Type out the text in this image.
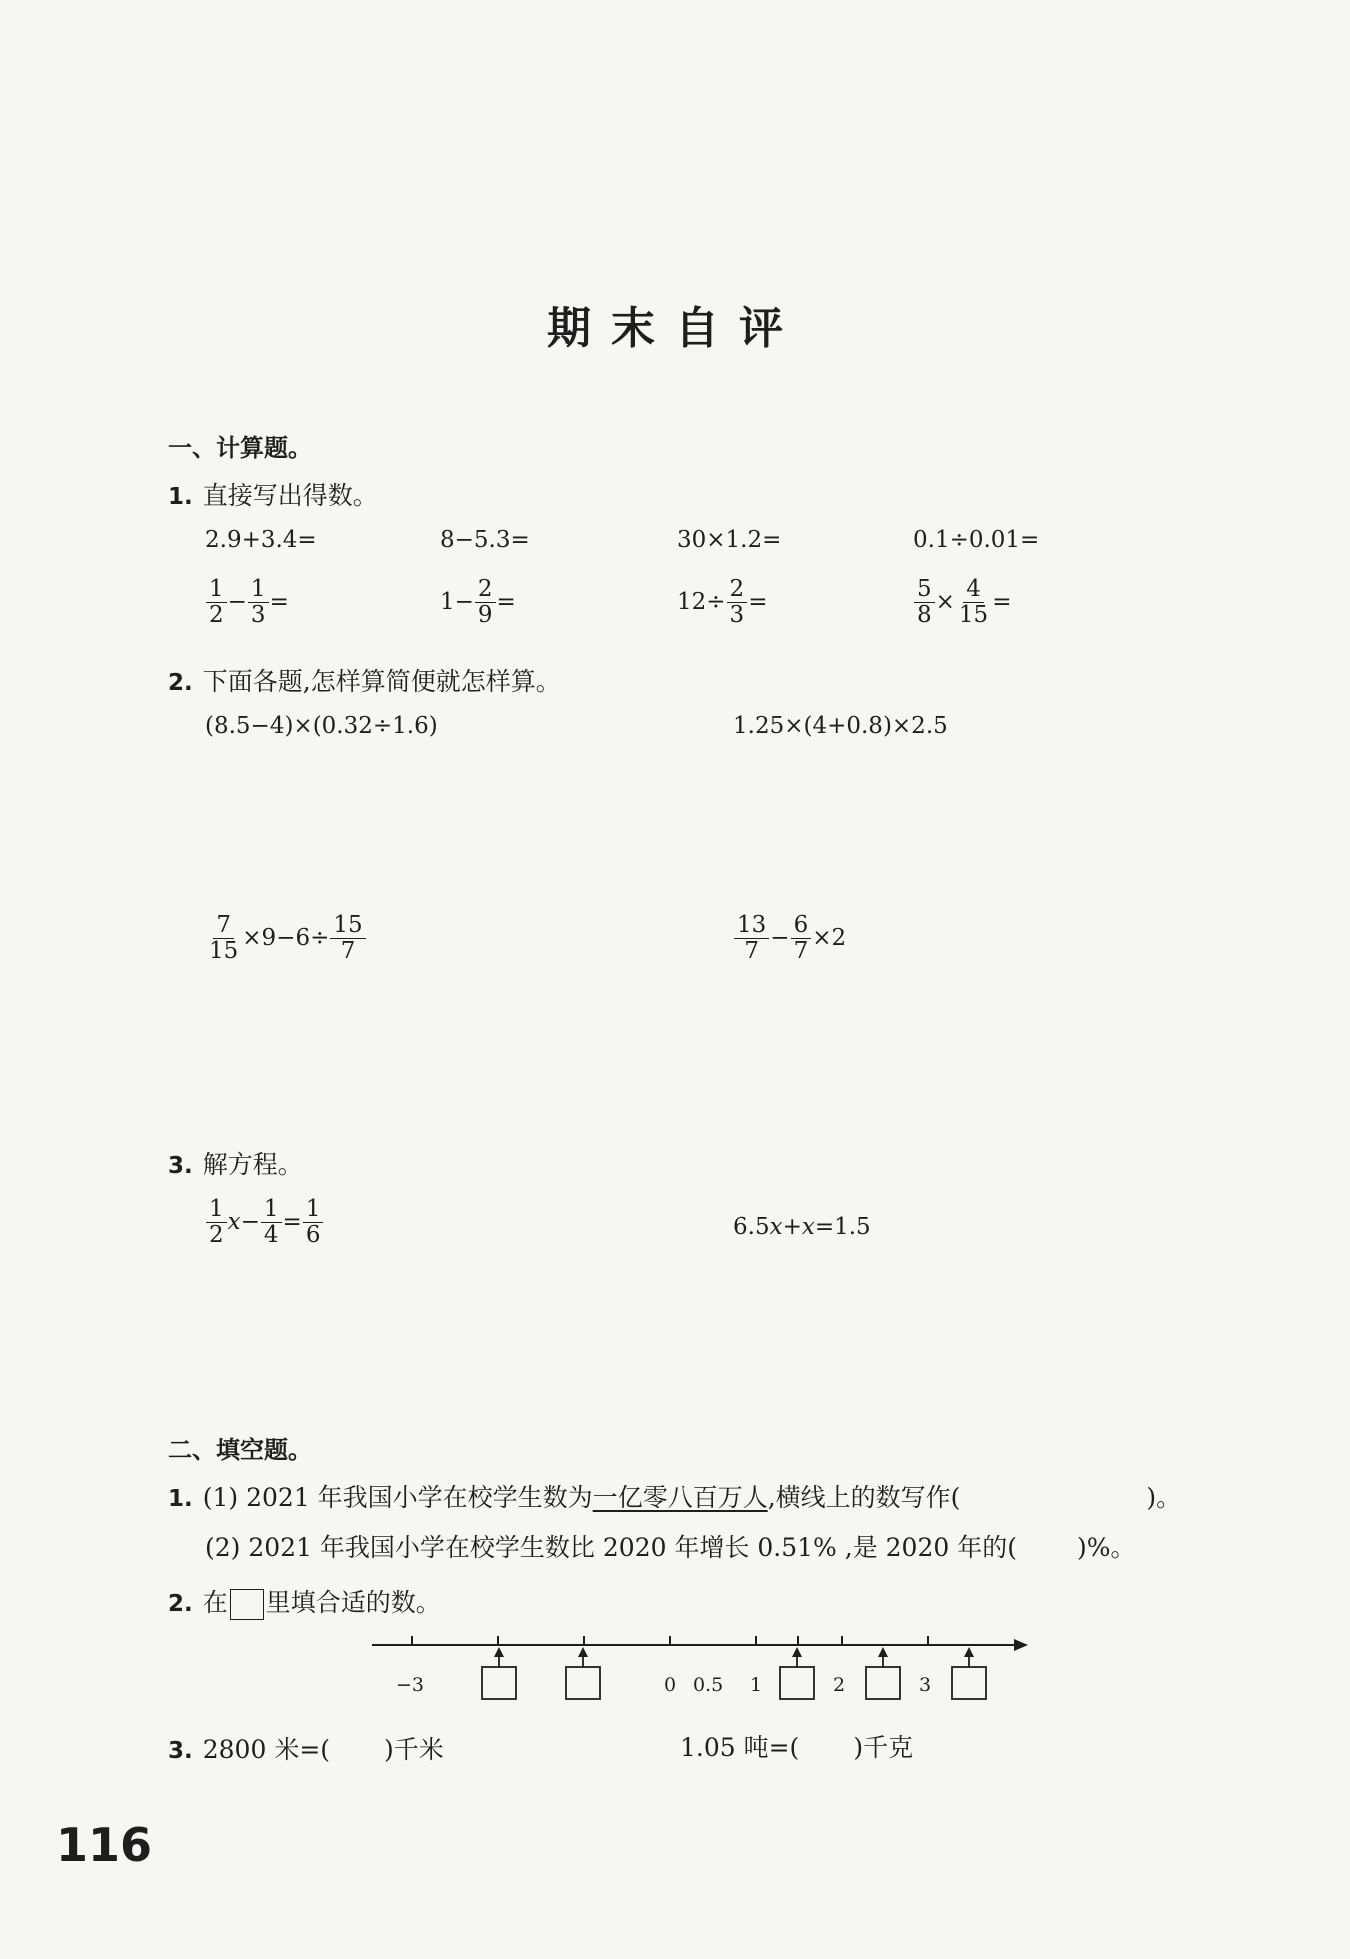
期末自评
一、计算题。
1. 直接写出得数。
2.9+3.4=	8−5.3=	30×1.2=	0.1÷0.01=
$\frac{1}{2} - \frac{1}{3}$ =	$1- \frac{2}{9}$ =	$12\div \frac{2}{3}$ =	$\frac{5}{8} \times \frac{4}{15}$ =
2. 下面各题,怎样算简便就怎样算。
(8.5−4)×(0.32÷1.6)	1.25×(4+0.8)×2.5
$\frac{7}{15} \times 9-6\div \frac{15}{7}$	$\frac{13}{7} - \frac{6}{7} \times 2$
3. 解方程。
$\frac{1}{2} x- \frac{1}{4} = \frac{1}{6}$	6.5x+x=1.5
二、填空题。
1. (1) 2021 年我国小学在校学生数为一亿零八百万人,横线上的数写作(	)。
(2) 2021 年我国小学在校学生数比 2020 年增长 0.51% ,是 2020 年的( )%。
2. 在 里填合适的数。
−3	0 0.5 1	2	3
3. 2800 米=( )千米	1.05 吨=( )千克
116
